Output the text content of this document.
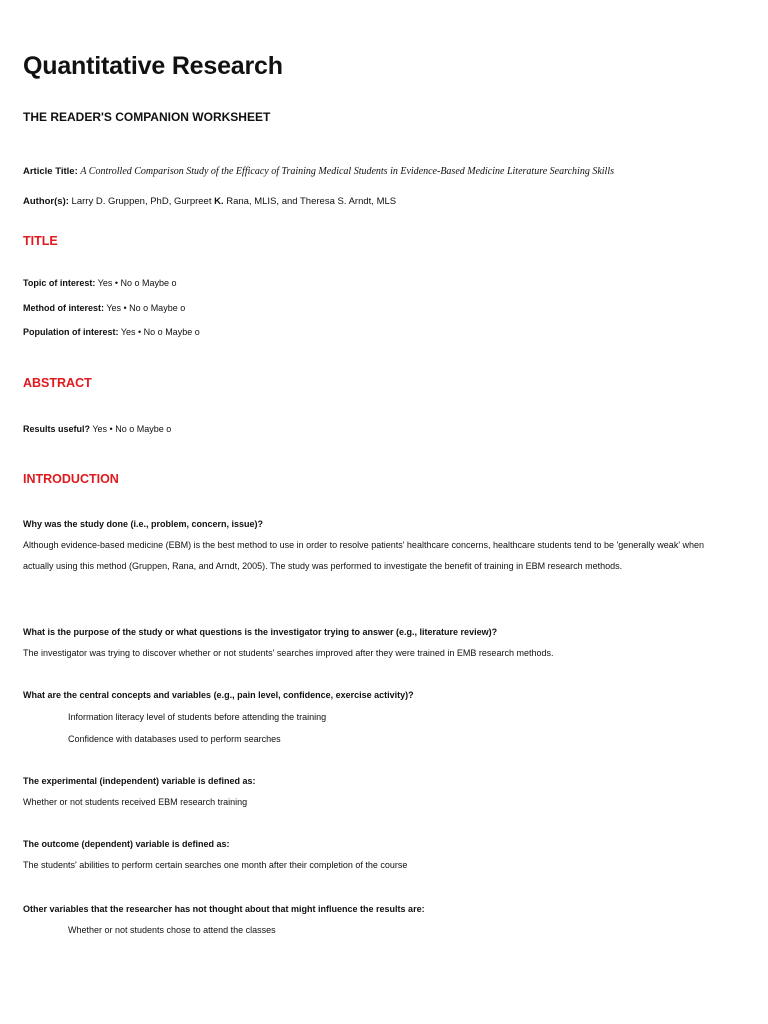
Quantitative Research
THE READER'S COMPANION WORKSHEET
Article Title: A Controlled Comparison Study of the Efficacy of Training Medical Students in Evidence-Based Medicine Literature Searching Skills
Author(s): Larry D. Gruppen, PhD, Gurpreet K. Rana, MLIS, and Theresa S. Arndt, MLS
TITLE
Topic of interest: Yes • No o Maybe o
Method of interest: Yes • No o Maybe o
Population of interest: Yes • No o Maybe o
ABSTRACT
Results useful? Yes • No o Maybe o
INTRODUCTION
Why was the study done (i.e., problem, concern, issue)?
Although evidence-based medicine (EBM) is the best method to use in order to resolve patients' healthcare concerns, healthcare students tend to be 'generally weak' when actually using this method (Gruppen, Rana, and Arndt, 2005). The study was performed to investigate the benefit of training in EBM research methods.
What is the purpose of the study or what questions is the investigator trying to answer (e.g., literature review)?
The investigator was trying to discover whether or not students' searches improved after they were trained in EMB research methods.
What are the central concepts and variables (e.g., pain level, confidence, exercise activity)?
Information literacy level of students before attending the training
Confidence with databases used to perform searches
The experimental (independent) variable is defined as:
Whether or not students received EBM research training
The outcome (dependent) variable is defined as:
The students' abilities to perform certain searches one month after their completion of the course
Other variables that the researcher has not thought about that might influence the results are:
Whether or not students chose to attend the classes
